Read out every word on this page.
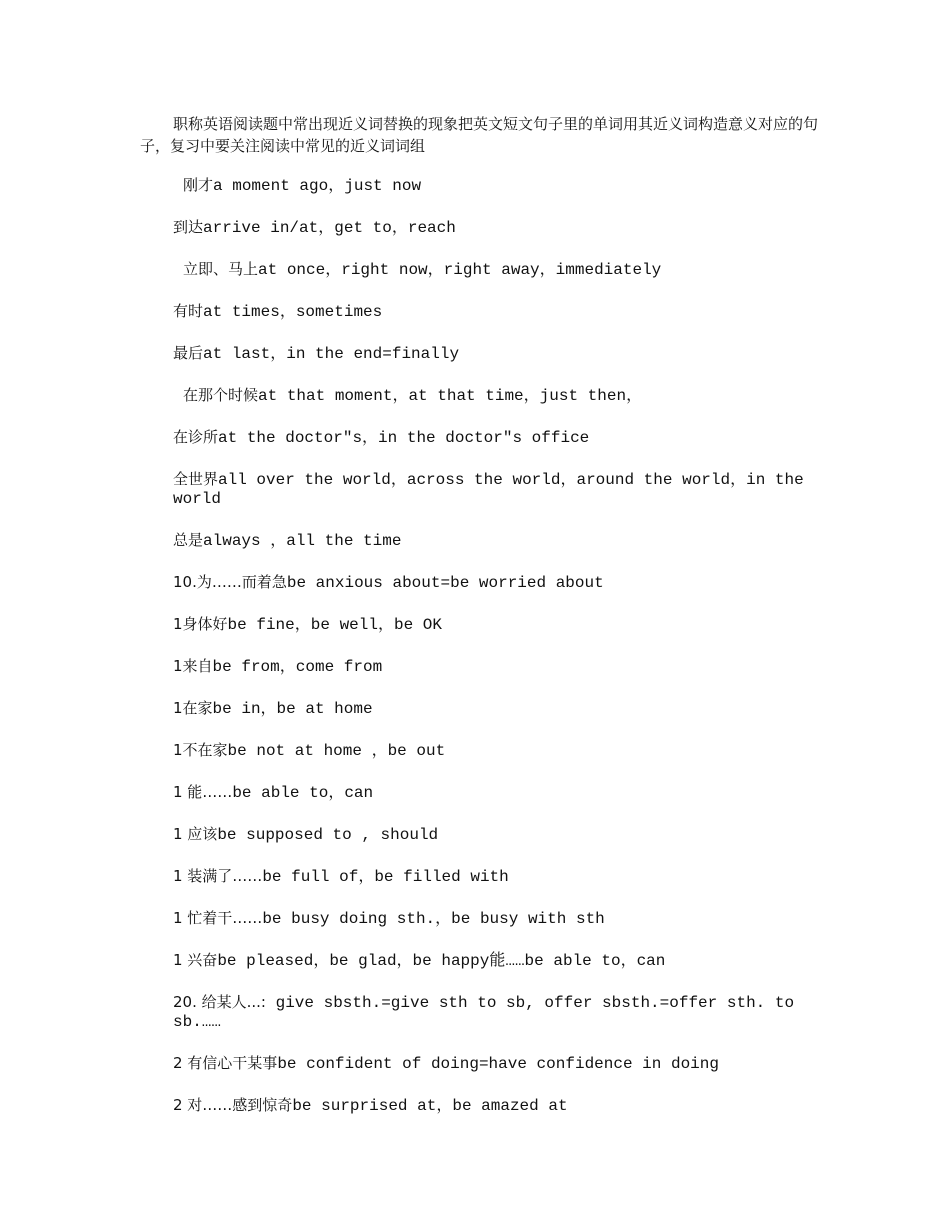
职称英语阅读题中常出现近义词替换的现象把英文短文句子里的单词用其近义词构造意义对应的句子，复习中要关注阅读中常见的近义词词组

刚才a moment ago，just now
到达arrive in/at，get to，reach
立即、马上at once，right now，right away，immediately
有时at times，sometimes
最后at last，in the end=finally
在那个时候at that moment，at that time，just then，
在诊所at the doctor"s，in the doctor"s office
全世界all over the world，across the world，around the world，in the world
总是always ，all the time
10.为……而着急be anxious about=be worried about
1身体好be fine，be well，be OK
1来自be from，come from
1在家be in，be at home
1不在家be not at home ，be out
1 能……be able to，can
1 应该be supposed to , should
1 装满了……be full of，be filled with
1 忙着干……be busy doing sth.，be busy with sth
1 兴奋be pleased，be glad，be happy能……be able to，can
20. 给某人...: give sbsth.=give sth to sb, offer sbsth.=offer sth. to sb.……
2 有信心干某事be confident of doing=have confidence in doing
2 对……感到惊奇be surprised at，be amazed at
